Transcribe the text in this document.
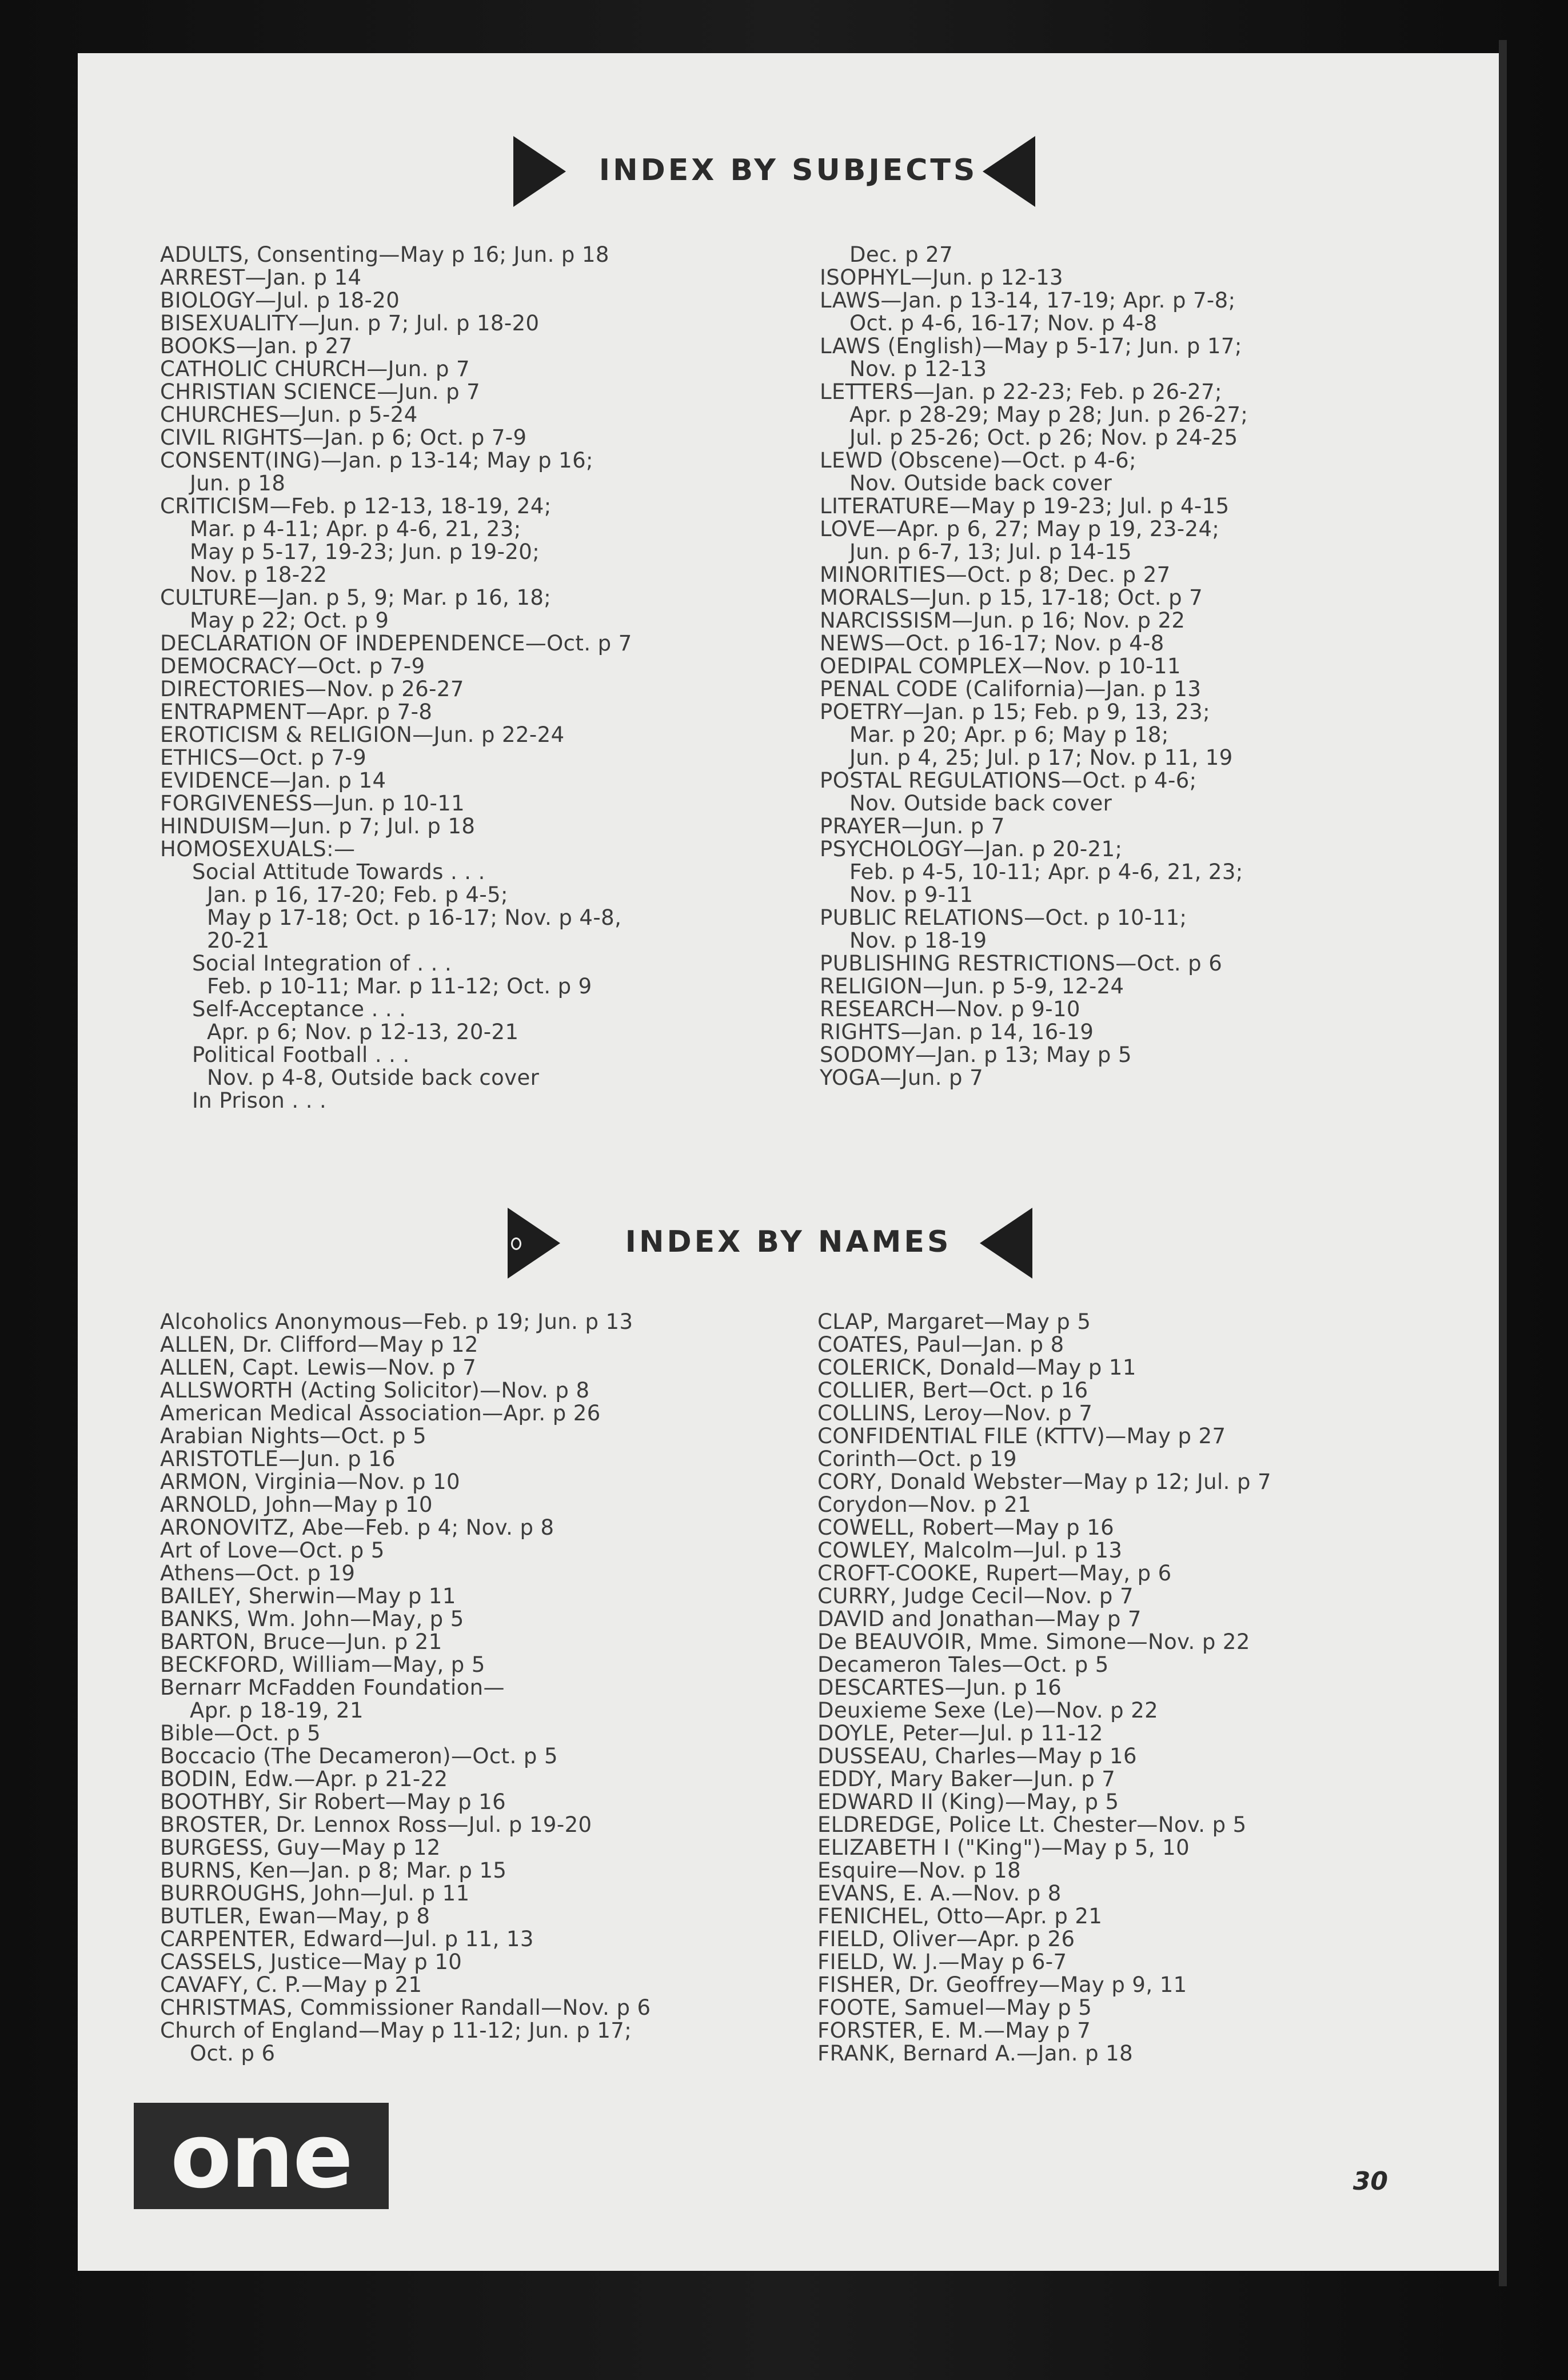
INDEX BY SUBJECTS
ADULTS, Consenting—May p 16; Jun. p 18
ARREST—Jan. p 14
BIOLOGY—Jul. p 18-20
BISEXUALITY—Jun. p 7; Jul. p 18-20
BOOKS—Jan. p 27
CATHOLIC CHURCH—Jun. p 7
CHRISTIAN SCIENCE—Jun. p 7
CHURCHES—Jun. p 5-24
CIVIL RIGHTS—Jan. p 6; Oct. p 7-9
CONSENT(ING)—Jan. p 13-14; May p 16;
Jun. p 18
CRITICISM—Feb. p 12-13, 18-19, 24;
Mar. p 4-11; Apr. p 4-6, 21, 23;
May p 5-17, 19-23; Jun. p 19-20;
Nov. p 18-22
CULTURE—Jan. p 5, 9; Mar. p 16, 18;
May p 22; Oct. p 9
DECLARATION OF INDEPENDENCE—Oct. p 7
DEMOCRACY—Oct. p 7-9
DIRECTORIES—Nov. p 26-27
ENTRAPMENT—Apr. p 7-8
EROTICISM & RELIGION—Jun. p 22-24
ETHICS—Oct. p 7-9
EVIDENCE—Jan. p 14
FORGIVENESS—Jun. p 10-11
HINDUISM—Jun. p 7; Jul. p 18
HOMOSEXUALS:—
Social Attitude Towards . . .
Jan. p 16, 17-20; Feb. p 4-5;
May p 17-18; Oct. p 16-17; Nov. p 4-8,
20-21
Social Integration of . . .
Feb. p 10-11; Mar. p 11-12; Oct. p 9
Self-Acceptance . . .
Apr. p 6; Nov. p 12-13, 20-21
Political Football . . .
Nov. p 4-8, Outside back cover
In Prison . . .
Dec. p 27
ISOPHYL—Jun. p 12-13
LAWS—Jan. p 13-14, 17-19; Apr. p 7-8;
Oct. p 4-6, 16-17; Nov. p 4-8
LAWS (English)—May p 5-17; Jun. p 17;
Nov. p 12-13
LETTERS—Jan. p 22-23; Feb. p 26-27;
Apr. p 28-29; May p 28; Jun. p 26-27;
Jul. p 25-26; Oct. p 26; Nov. p 24-25
LEWD (Obscene)—Oct. p 4-6;
Nov. Outside back cover
LITERATURE—May p 19-23; Jul. p 4-15
LOVE—Apr. p 6, 27; May p 19, 23-24;
Jun. p 6-7, 13; Jul. p 14-15
MINORITIES—Oct. p 8; Dec. p 27
MORALS—Jun. p 15, 17-18; Oct. p 7
NARCISSISM—Jun. p 16; Nov. p 22
NEWS—Oct. p 16-17; Nov. p 4-8
OEDIPAL COMPLEX—Nov. p 10-11
PENAL CODE (California)—Jan. p 13
POETRY—Jan. p 15; Feb. p 9, 13, 23;
Mar. p 20; Apr. p 6; May p 18;
Jun. p 4, 25; Jul. p 17; Nov. p 11, 19
POSTAL REGULATIONS—Oct. p 4-6;
Nov. Outside back cover
PRAYER—Jun. p 7
PSYCHOLOGY—Jan. p 20-21;
Feb. p 4-5, 10-11; Apr. p 4-6, 21, 23;
Nov. p 9-11
PUBLIC RELATIONS—Oct. p 10-11;
Nov. p 18-19
PUBLISHING RESTRICTIONS—Oct. p 6
RELIGION—Jun. p 5-9, 12-24
RESEARCH—Nov. p 9-10
RIGHTS—Jan. p 14, 16-19
SODOMY—Jan. p 13; May p 5
YOGA—Jun. p 7
INDEX BY NAMES
Alcoholics Anonymous—Feb. p 19; Jun. p 13
ALLEN, Dr. Clifford—May p 12
ALLEN, Capt. Lewis—Nov. p 7
ALLSWORTH (Acting Solicitor)—Nov. p 8
American Medical Association—Apr. p 26
Arabian Nights—Oct. p 5
ARISTOTLE—Jun. p 16
ARMON, Virginia—Nov. p 10
ARNOLD, John—May p 10
ARONOVITZ, Abe—Feb. p 4; Nov. p 8
Art of Love—Oct. p 5
Athens—Oct. p 19
BAILEY, Sherwin—May p 11
BANKS, Wm. John—May, p 5
BARTON, Bruce—Jun. p 21
BECKFORD, William—May, p 5
Bernarr McFadden Foundation—
Apr. p 18-19, 21
Bible—Oct. p 5
Boccacio (The Decameron)—Oct. p 5
BODIN, Edw.—Apr. p 21-22
BOOTHBY, Sir Robert—May p 16
BROSTER, Dr. Lennox Ross—Jul. p 19-20
BURGESS, Guy—May p 12
BURNS, Ken—Jan. p 8; Mar. p 15
BURROUGHS, John—Jul. p 11
BUTLER, Ewan—May, p 8
CARPENTER, Edward—Jul. p 11, 13
CASSELS, Justice—May p 10
CAVAFY, C. P.—May p 21
CHRISTMAS, Commissioner Randall—Nov. p 6
Church of England—May p 11-12; Jun. p 17;
Oct. p 6
CLAP, Margaret—May p 5
COATES, Paul—Jan. p 8
COLERICK, Donald—May p 11
COLLIER, Bert—Oct. p 16
COLLINS, Leroy—Nov. p 7
CONFIDENTIAL FILE (KTTV)—May p 27
Corinth—Oct. p 19
CORY, Donald Webster—May p 12; Jul. p 7
Corydon—Nov. p 21
COWELL, Robert—May p 16
COWLEY, Malcolm—Jul. p 13
CROFT-COOKE, Rupert—May, p 6
CURRY, Judge Cecil—Nov. p 7
DAVID and Jonathan—May p 7
De BEAUVOIR, Mme. Simone—Nov. p 22
Decameron Tales—Oct. p 5
DESCARTES—Jun. p 16
Deuxieme Sexe (Le)—Nov. p 22
DOYLE, Peter—Jul. p 11-12
DUSSEAU, Charles—May p 16
EDDY, Mary Baker—Jun. p 7
EDWARD II (King)—May, p 5
ELDREDGE, Police Lt. Chester—Nov. p 5
ELIZABETH I ("King")—May p 5, 10
Esquire—Nov. p 18
EVANS, E. A.—Nov. p 8
FENICHEL, Otto—Apr. p 21
FIELD, Oliver—Apr. p 26
FIELD, W. J.—May p 6-7
FISHER, Dr. Geoffrey—May p 9, 11
FOOTE, Samuel—May p 5
FORSTER, E. M.—May p 7
FRANK, Bernard A.—Jan. p 18
one	30
